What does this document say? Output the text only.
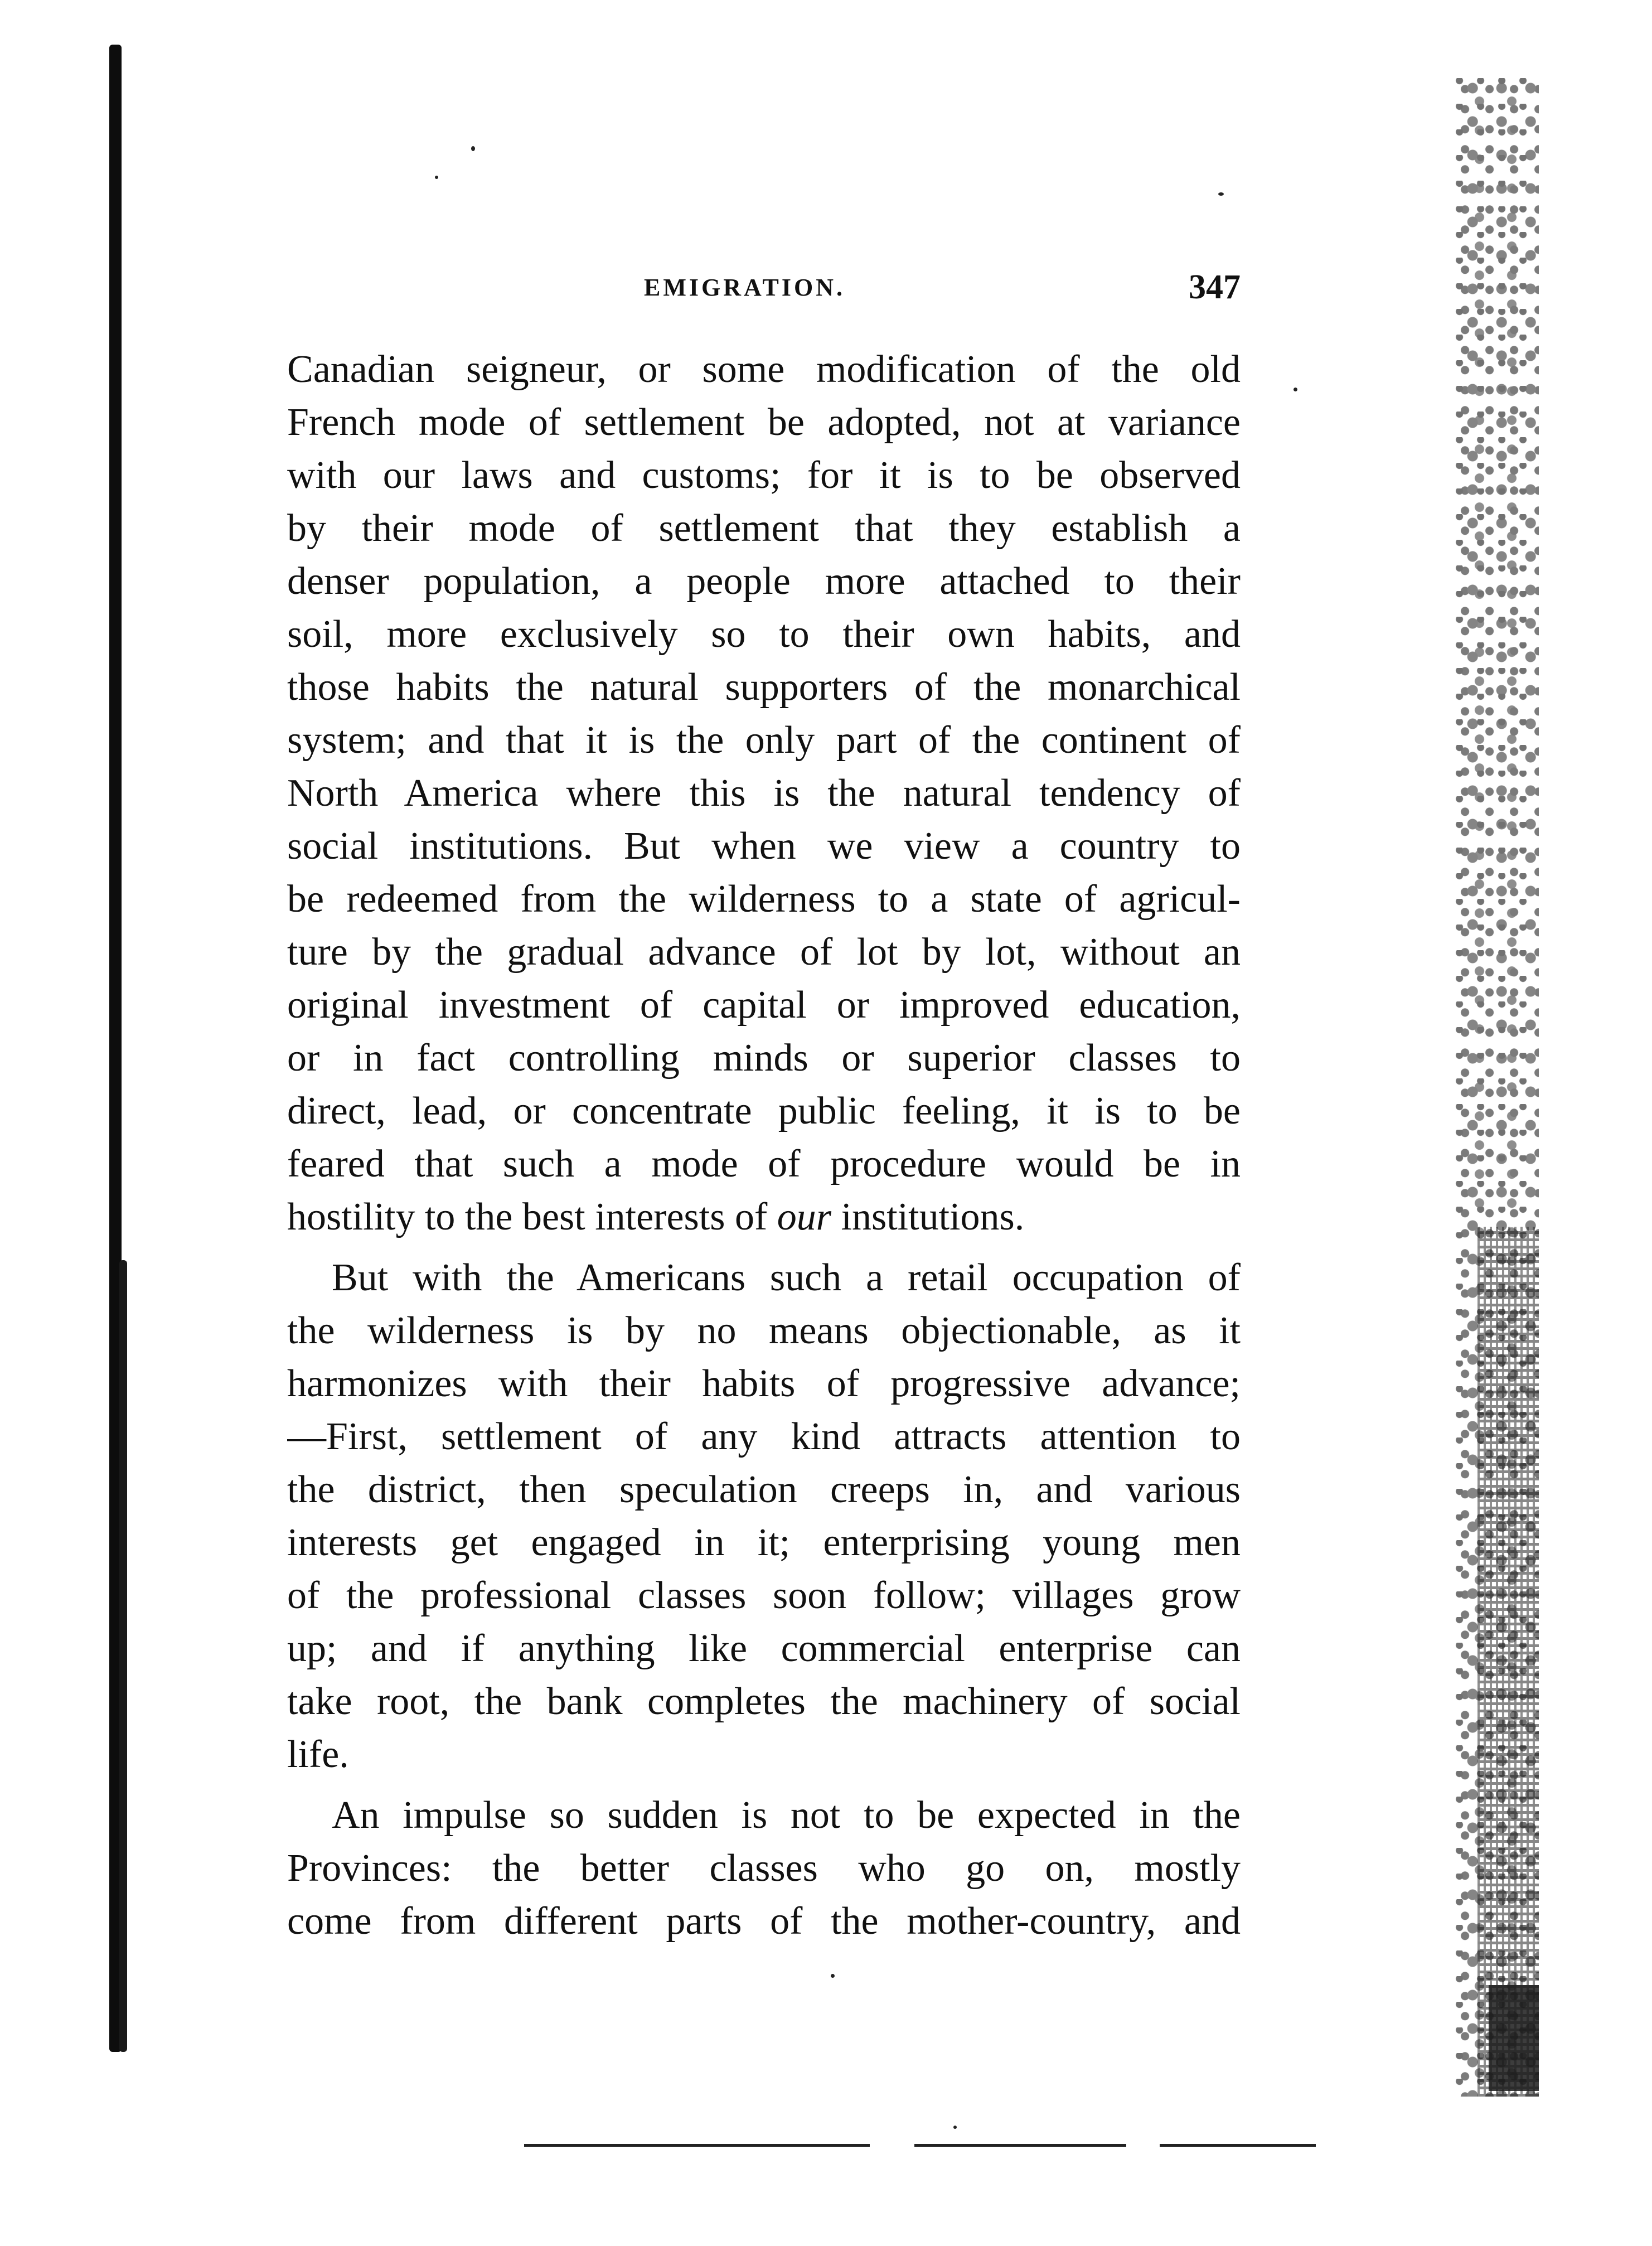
EMIGRATION.	347
Canadian seigneur, or some modification of the old
French mode of settlement be adopted, not at variance
with our laws and customs; for it is to be observed
by their mode of settlement that they establish a
denser population, a people more attached to their
soil, more exclusively so to their own habits, and
those habits the natural supporters of the monarchical
system; and that it is the only part of the continent of
North America where this is the natural tendency of
social institutions. But when we view a country to
be redeemed from the wilderness to a state of agricul-
ture by the gradual advance of lot by lot, without an
original investment of capital or improved education,
or in fact controlling minds or superior classes to
direct, lead, or concentrate public feeling, it is to be
feared that such a mode of procedure would be in
hostility to the best interests of our institutions.
But with the Americans such a retail occupation of
the wilderness is by no means objectionable, as it
harmonizes with their habits of progressive advance;
—First, settlement of any kind attracts attention to
the district, then speculation creeps in, and various
interests get engaged in it; enterprising young men
of the professional classes soon follow; villages grow
up; and if anything like commercial enterprise can
take root, the bank completes the machinery of social
life.
An impulse so sudden is not to be expected in the
Provinces: the better classes who go on, mostly
come from different parts of the mother-country, and
